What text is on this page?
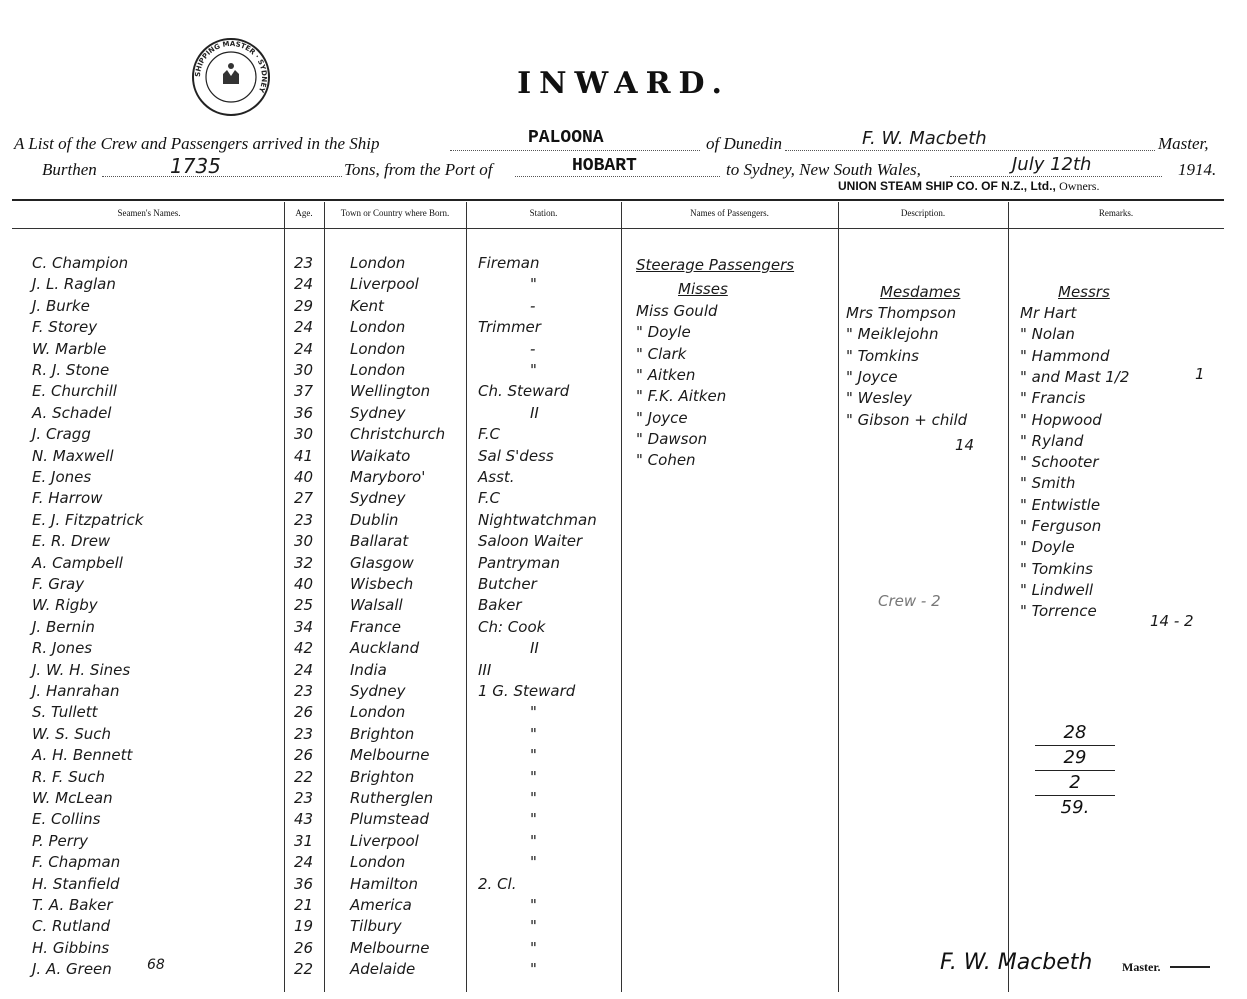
SHIPPING MASTER · SYDNEY	INWARD.
A List of the Crew and Passengers arrived in the Ship	PALOONA	of Dunedin	F. W. Macbeth	Master,
Burthen	1735	Tons, from the Port of	HOBART	to Sydney, New South Wales,	July 12th	1914.
UNION STEAM SHIP CO. OF N.Z., Ltd., Owners.
Seamen's Names.	Age.	Town or Country where Born.	Station.	Names of Passengers.	Description.	Remarks.
C. Champion	23 London	Fireman
J. L. Raglan	24 Liverpool	"
J. Burke	29 Kent	-
F. Storey	24 London	Trimmer
W. Marble	24 London	-
R. J. Stone	30 London	"
E. Churchill	37 Wellington	Ch. Steward
A. Schadel	36 Sydney	II
J. Cragg	30 Christchurch F.C
N. Maxwell	41 Waikato	Sal S'dess
E. Jones	40 Maryboro'	Asst.
F. Harrow	27 Sydney	F.C
E. J. Fitzpatrick	23 Dublin	Nightwatchman
E. R. Drew	30 Ballarat	Saloon Waiter
A. Campbell	32 Glasgow	Pantryman
F. Gray	40 Wisbech	Butcher
W. Rigby	25 Walsall	Baker
J. Bernin	34 France	Ch: Cook
R. Jones	42 Auckland	II
J. W. H. Sines	24 India	III
J. Hanrahan	23 Sydney	1 G. Steward
S. Tullett	26 London	"
W. S. Such	23 Brighton	"
A. H. Bennett	26 Melbourne	"
R. F. Such	22 Brighton	"
W. McLean	23 Rutherglen	"
E. Collins	43 Plumstead	"
P. Perry	31 Liverpool	"
F. Chapman	24 London	"
H. Stanfield	36 Hamilton	2. Cl.
T. A. Baker	21 America	"
C. Rutland	19 Tilbury	"
H. Gibbins	26 Melbourne	"
J. A. Green	22 Adelaide	"
68
Steerage Passengers
Misses
Miss Gould
" Doyle
" Clark
" Aitken
" F.K. Aitken
" Joyce
" Dawson
" Cohen
Mesdames
Mrs Thompson
" Meiklejohn
" Tomkins
" Joyce
" Wesley
" Gibson + child
14
Crew - 2
Messrs
Mr Hart
" Nolan
" Hammond
" and Mast 1/2
" Francis
" Hopwood
" Ryland
" Schooter
" Smith
" Entwistle
" Ferguson
" Doyle
" Tomkins
" Lindwell
" Torrence
1
14 - 2
28
29
2
59.
F. W. Macbeth Master.
